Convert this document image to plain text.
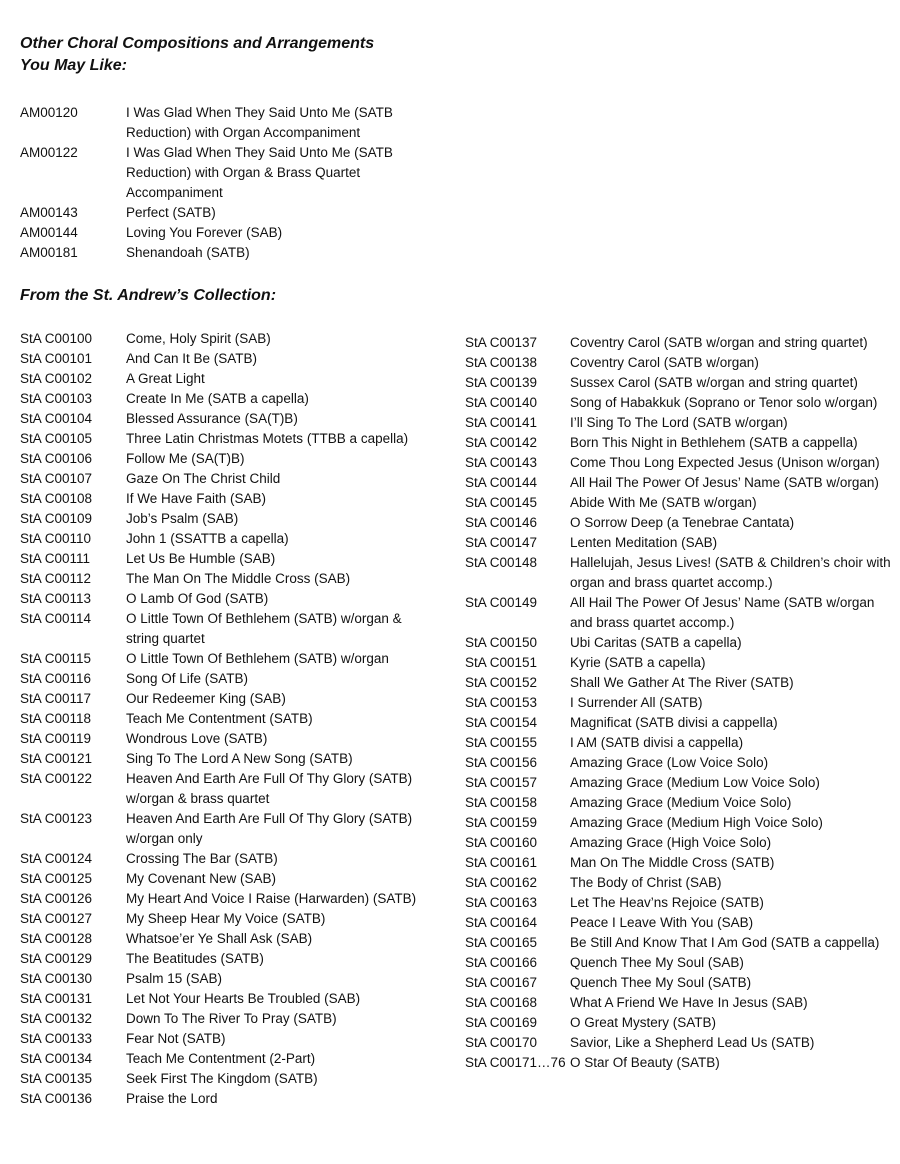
Other Choral Compositions and Arrangements
You May Like:
AM00120	I Was Glad When They Said Unto Me (SATB Reduction) with Organ Accompaniment
AM00122	I Was Glad When They Said Unto Me (SATB Reduction) with Organ & Brass Quartet Accompaniment
AM00143	Perfect (SATB)
AM00144	Loving You Forever (SAB)
AM00181	Shenandoah (SATB)
From the St. Andrew’s Collection:
StA C00100	Come, Holy Spirit (SAB)
StA C00101	And Can It Be (SATB)
StA C00102	A Great Light
StA C00103	Create In Me (SATB a capella)
StA C00104	Blessed Assurance (SA(T)B)
StA C00105	Three Latin Christmas Motets (TTBB a capella)
StA C00106	Follow Me (SA(T)B)
StA C00107	Gaze On The Christ Child
StA C00108	If We Have Faith (SAB)
StA C00109	Job’s Psalm (SAB)
StA C00110	John 1 (SSATTB a capella)
StA C00111	Let Us Be Humble (SAB)
StA C00112	The Man On The Middle Cross (SAB)
StA C00113	O Lamb Of God (SATB)
StA C00114	O Little Town Of Bethlehem (SATB) w/organ & string quartet
StA C00115	O Little Town Of Bethlehem (SATB) w/organ
StA C00116	Song Of Life (SATB)
StA C00117	Our Redeemer King (SAB)
StA C00118	Teach Me Contentment (SATB)
StA C00119	Wondrous Love (SATB)
StA C00121	Sing To The Lord A New Song (SATB)
StA C00122	Heaven And Earth Are Full Of Thy Glory (SATB) w/organ & brass quartet
StA C00123	Heaven And Earth Are Full Of Thy Glory (SATB) w/organ only
StA C00124	Crossing The Bar (SATB)
StA C00125	My Covenant New (SAB)
StA C00126	My Heart And Voice I Raise (Harwarden) (SATB)
StA C00127	My Sheep Hear My Voice (SATB)
StA C00128	Whatsoe’er Ye Shall Ask (SAB)
StA C00129	The Beatitudes (SATB)
StA C00130	Psalm 15 (SAB)
StA C00131	Let Not Your Hearts Be Troubled (SAB)
StA C00132	Down To The River To Pray (SATB)
StA C00133	Fear Not (SATB)
StA C00134	Teach Me Contentment (2-Part)
StA C00135	Seek First The Kingdom (SATB)
StA C00136	Praise the Lord
StA C00137	Coventry Carol (SATB w/organ and string quartet)
StA C00138	Coventry Carol (SATB w/organ)
StA C00139	Sussex Carol (SATB w/organ and string quartet)
StA C00140	Song of Habakkuk (Soprano or Tenor solo w/organ)
StA C00141	I’ll Sing To The Lord (SATB w/organ)
StA C00142	Born This Night in Bethlehem (SATB a cappella)
StA C00143	Come Thou Long Expected Jesus (Unison w/organ)
StA C00144	All Hail The Power Of Jesus’ Name (SATB w/organ)
StA C00145	Abide With Me (SATB w/organ)
StA C00146	O Sorrow Deep (a Tenebrae Cantata)
StA C00147	Lenten Meditation (SAB)
StA C00148	Hallelujah, Jesus Lives! (SATB & Children’s choir with organ and brass quartet accomp.)
StA C00149	All Hail The Power Of Jesus’ Name (SATB w/organ and brass quartet accomp.)
StA C00150	Ubi Caritas (SATB a capella)
StA C00151	Kyrie (SATB a capella)
StA C00152	Shall We Gather At The River (SATB)
StA C00153	I Surrender All (SATB)
StA C00154	Magnificat (SATB divisi a cappella)
StA C00155	I AM (SATB divisi a cappella)
StA C00156	Amazing Grace (Low Voice Solo)
StA C00157	Amazing Grace (Medium Low Voice Solo)
StA C00158	Amazing Grace (Medium Voice Solo)
StA C00159	Amazing Grace (Medium High Voice Solo)
StA C00160	Amazing Grace (High Voice Solo)
StA C00161	Man On The Middle Cross (SATB)
StA C00162	The Body of Christ (SAB)
StA C00163	Let The Heav’ns Rejoice (SATB)
StA C00164	Peace I Leave With You (SAB)
StA C00165	Be Still And Know That I Am God (SATB a cappella)
StA C00166	Quench Thee My Soul (SAB)
StA C00167	Quench Thee My Soul (SATB)
StA C00168	What A Friend We Have In Jesus (SAB)
StA C00169	O Great Mystery (SATB)
StA C00170	Savior, Like a Shepherd Lead Us (SATB)
StA C00171…76 O Star Of Beauty (SATB)
